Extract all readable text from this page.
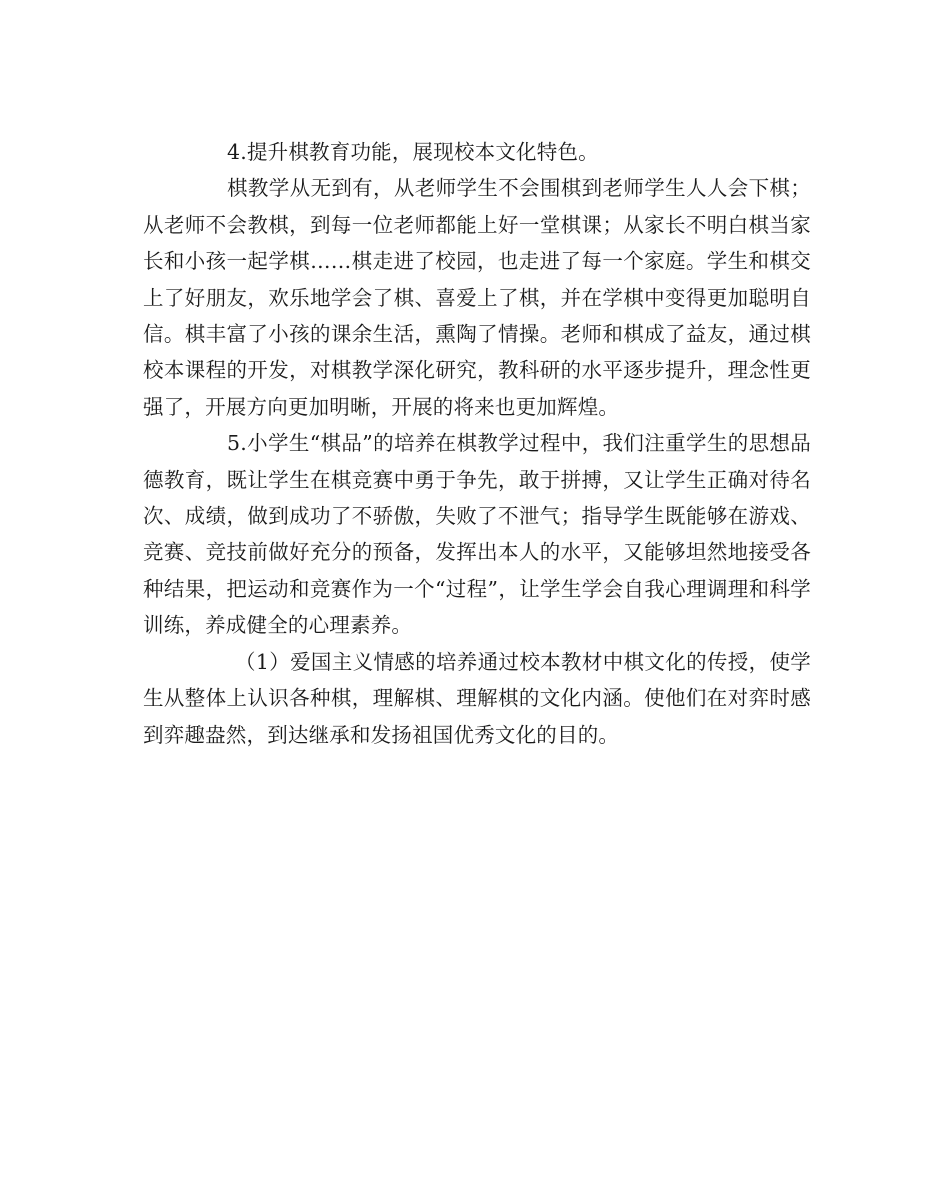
4.提升棋教育功能，展现校本文化特色。

棋教学从无到有，从老师学生不会围棋到老师学生人人会下棋；从老师不会教棋，到每一位老师都能上好一堂棋课；从家长不明白棋当家长和小孩一起学棋……棋走进了校园，也走进了每一个家庭。学生和棋交上了好朋友，欢乐地学会了棋、喜爱上了棋，并在学棋中变得更加聪明自信。棋丰富了小孩的课余生活，熏陶了情操。老师和棋成了益友，通过棋校本课程的开发，对棋教学深化研究，教科研的水平逐步提升，理念性更强了，开展方向更加明晰，开展的将来也更加辉煌。

5.小学生“棋品”的培养在棋教学过程中，我们注重学生的思想品德教育，既让学生在棋竞赛中勇于争先，敢于拼搏，又让学生正确对待名次、成绩，做到成功了不骄傲，失败了不泄气；指导学生既能够在游戏、竞赛、竞技前做好充分的预备，发挥出本人的水平，又能够坦然地接受各种结果，把运动和竞赛作为一个“过程”，让学生学会自我心理调理和科学训练，养成健全的心理素养。

（1）爱国主义情感的培养通过校本教材中棋文化的传授，使学生从整体上认识各种棋，理解棋、理解棋的文化内涵。使他们在对弈时感到弈趣盎然，到达继承和发扬祖国优秀文化的目的。
